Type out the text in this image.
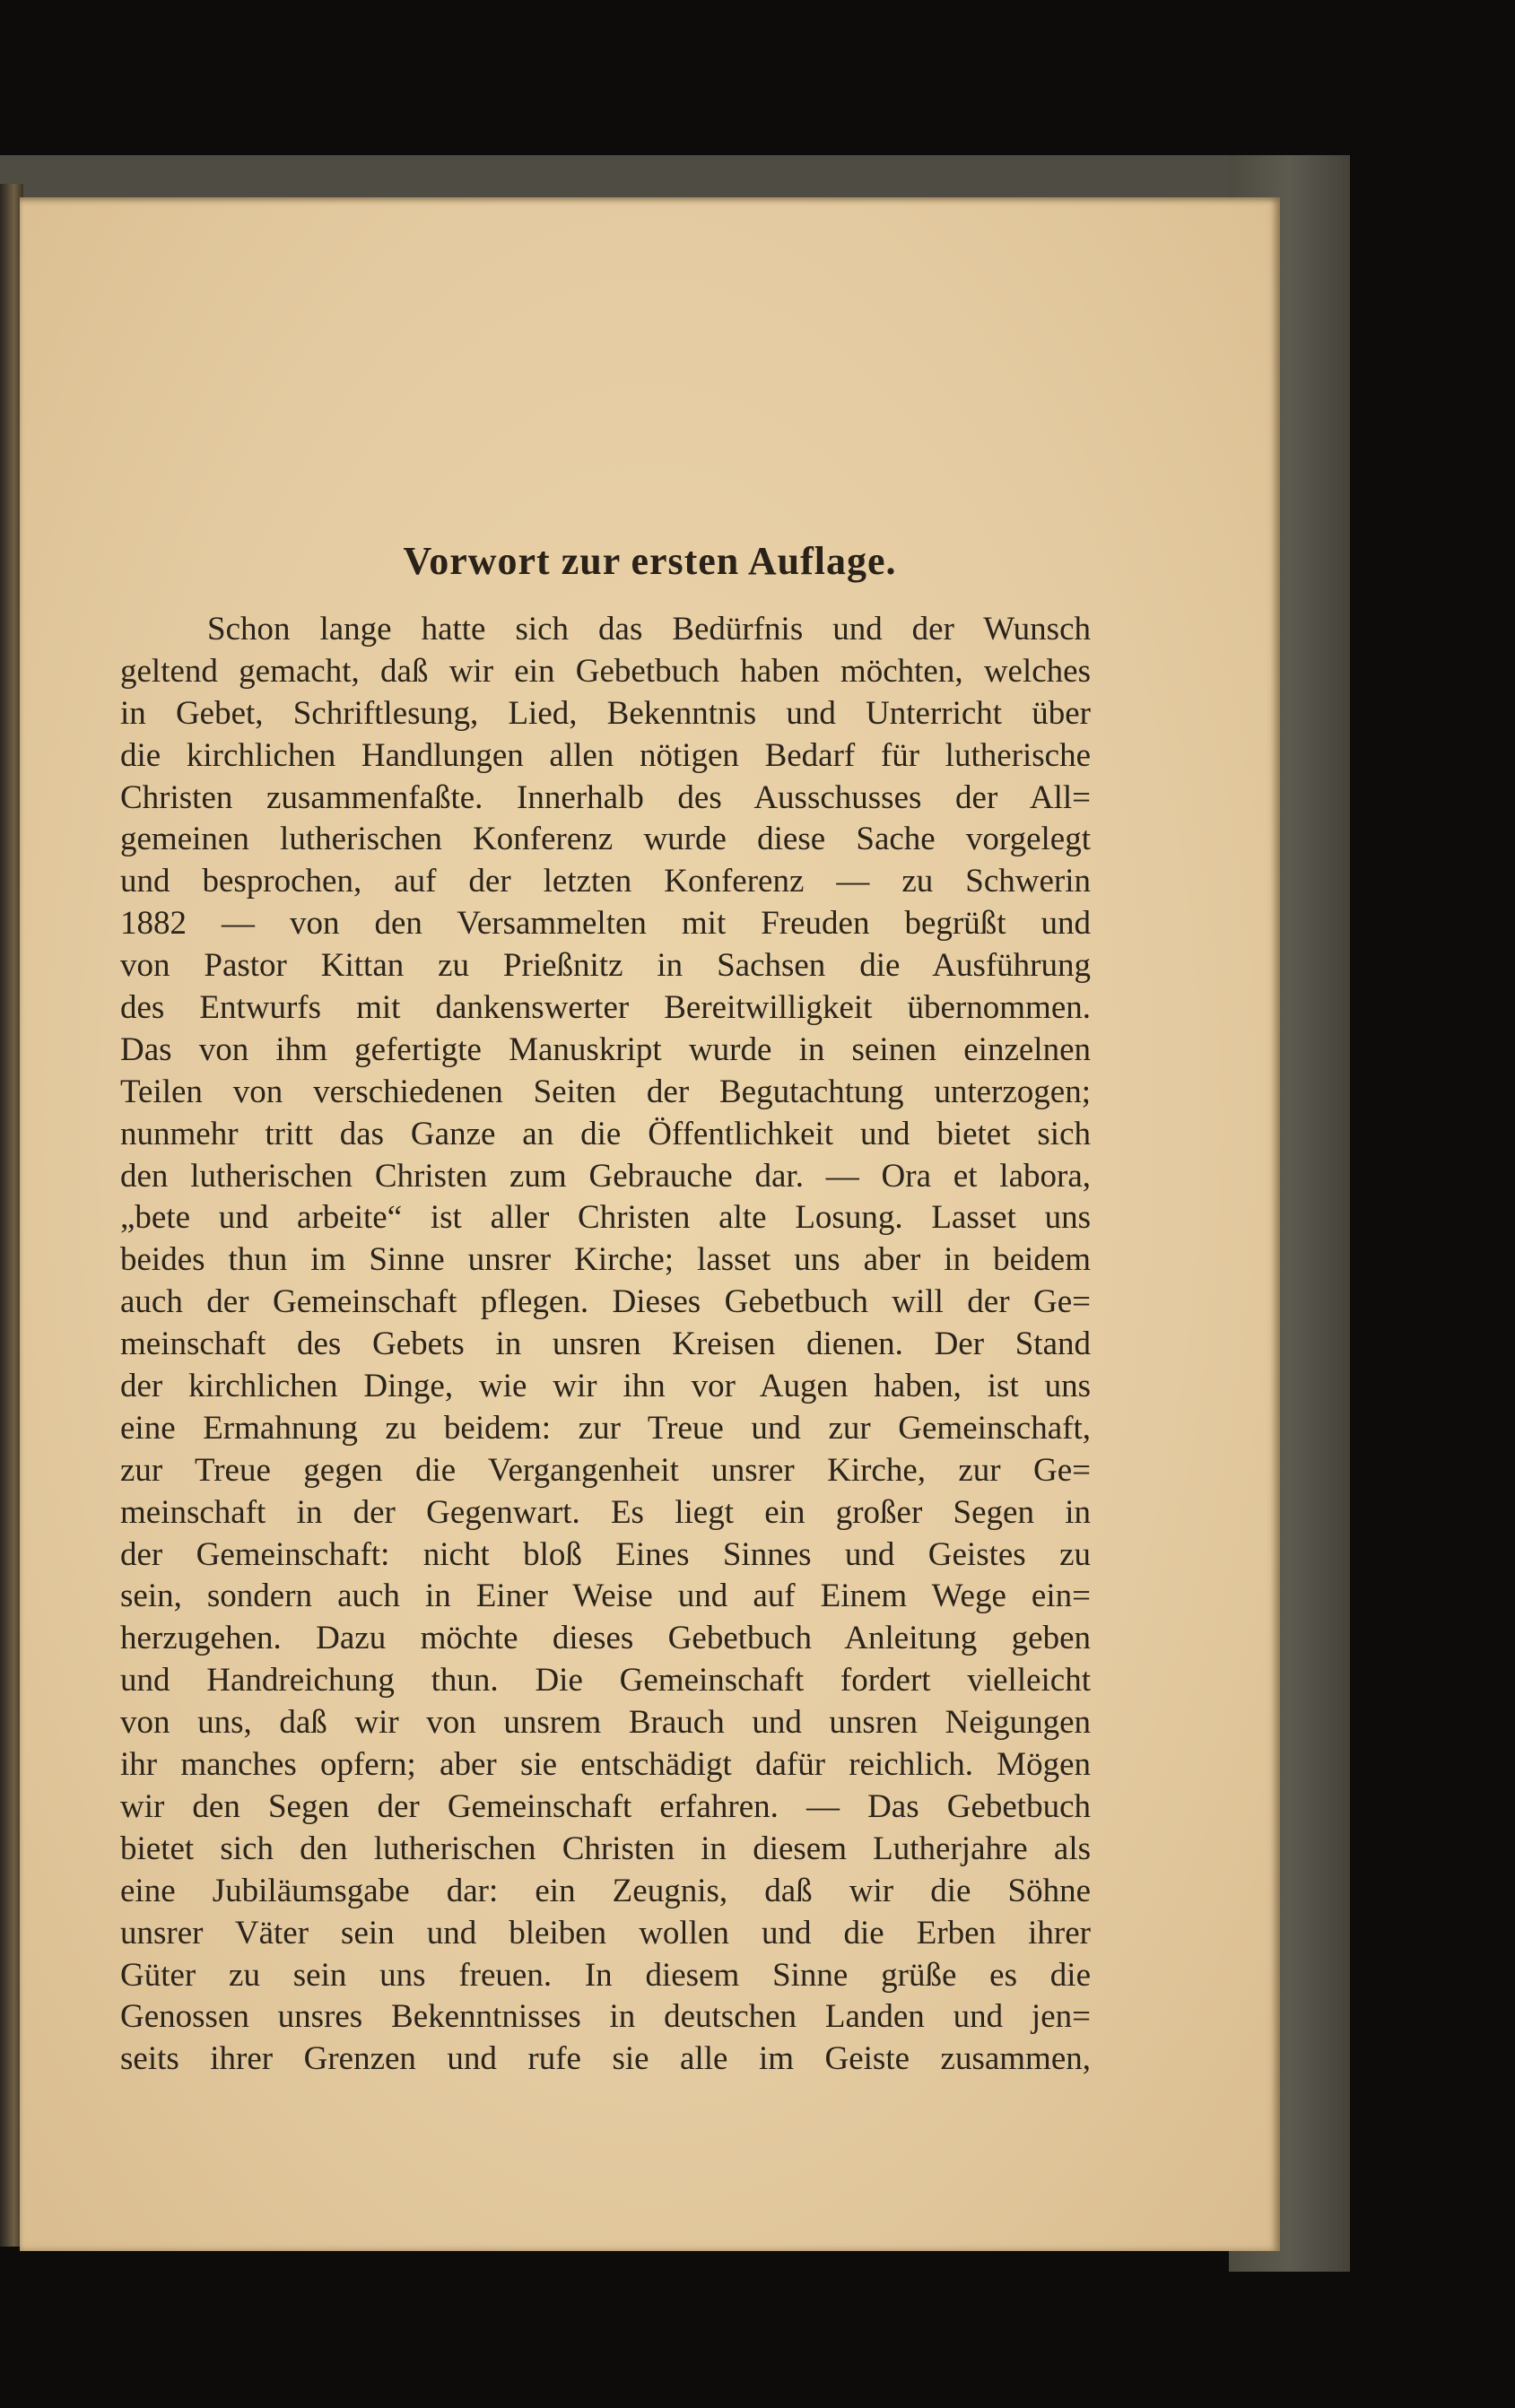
Vorwort zur ersten Auflage.
Schon lange hatte sich das Bedürfnis und der Wunsch
geltend gemacht, daß wir ein Gebetbuch haben möchten, welches
in Gebet, Schriftlesung, Lied, Bekenntnis und Unterricht über
die kirchlichen Handlungen allen nötigen Bedarf für lutherische
Christen zusammenfaßte. Innerhalb des Ausschusses der All=
gemeinen lutherischen Konferenz wurde diese Sache vorgelegt
und besprochen, auf der letzten Konferenz — zu Schwerin
1882 — von den Versammelten mit Freuden begrüßt und
von Pastor Kittan zu Prießnitz in Sachsen die Ausführung
des Entwurfs mit dankenswerter Bereitwilligkeit übernommen.
Das von ihm gefertigte Manuskript wurde in seinen einzelnen
Teilen von verschiedenen Seiten der Begutachtung unterzogen;
nunmehr tritt das Ganze an die Öffentlichkeit und bietet sich
den lutherischen Christen zum Gebrauche dar. — Ora et labora,
„bete und arbeite“ ist aller Christen alte Losung. Lasset uns
beides thun im Sinne unsrer Kirche; lasset uns aber in beidem
auch der Gemeinschaft pflegen. Dieses Gebetbuch will der Ge=
meinschaft des Gebets in unsren Kreisen dienen. Der Stand
der kirchlichen Dinge, wie wir ihn vor Augen haben, ist uns
eine Ermahnung zu beidem: zur Treue und zur Gemeinschaft,
zur Treue gegen die Vergangenheit unsrer Kirche, zur Ge=
meinschaft in der Gegenwart. Es liegt ein großer Segen in
der Gemeinschaft: nicht bloß Eines Sinnes und Geistes zu
sein, sondern auch in Einer Weise und auf Einem Wege ein=
herzugehen. Dazu möchte dieses Gebetbuch Anleitung geben
und Handreichung thun. Die Gemeinschaft fordert vielleicht
von uns, daß wir von unsrem Brauch und unsren Neigungen
ihr manches opfern; aber sie entschädigt dafür reichlich. Mögen
wir den Segen der Gemeinschaft erfahren. — Das Gebetbuch
bietet sich den lutherischen Christen in diesem Lutherjahre als
eine Jubiläumsgabe dar: ein Zeugnis, daß wir die Söhne
unsrer Väter sein und bleiben wollen und die Erben ihrer
Güter zu sein uns freuen. In diesem Sinne grüße es die
Genossen unsres Bekenntnisses in deutschen Landen und jen=
seits ihrer Grenzen und rufe sie alle im Geiste zusammen,
